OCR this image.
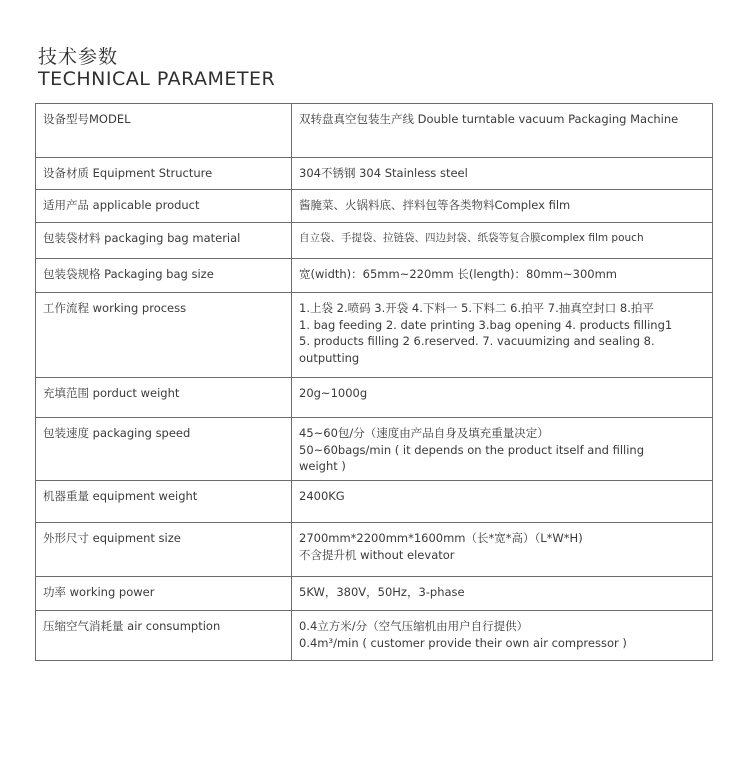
技术参数
TECHNICAL PARAMETER
设备型号MODEL	双转盘真空包装生产线 Double turntable vacuum Packaging Machine
设备材质 Equipment Structure	304不锈钢 304 Stainless steel

适用产品 applicable product	酱腌菜、火锅料底、拌料包等各类物料Complex film

包装袋材料 packaging bag material	自立袋、手提袋、拉链袋、四边封袋、纸袋等复合膜complex film pouch

包装袋规格 Packaging bag size	宽(width)：65mm~220mm 长(length)：80mm~300mm

工作流程 working process	1.上袋 2.喷码 3.开袋 4.下料一 5.下料二 6.拍平 7.抽真空封口 8.拍平
1. bag feeding 2. date printing 3.bag opening 4. products filling1
5. products filling 2 6.reserved. 7. vacuumizing and sealing 8.
outputting

充填范围 porduct weight	20g~1000g

包装速度 packaging speed	45~60包/分（速度由产品自身及填充重量决定）
50~60bags/min ( it depends on the product itself and filling
weight )

机器重量 equipment weight	2400KG

外形尺寸 equipment size	2700mm*2200mm*1600mm（长*宽*高）（L*W*H)
不含提升机 without elevator

功率 working power	5KW，380V，50Hz，3-phase

压缩空气消耗量 air consumption	0.4立方米/分（空气压缩机由用户自行提供）
0.4m³/min ( customer provide their own air compressor )
